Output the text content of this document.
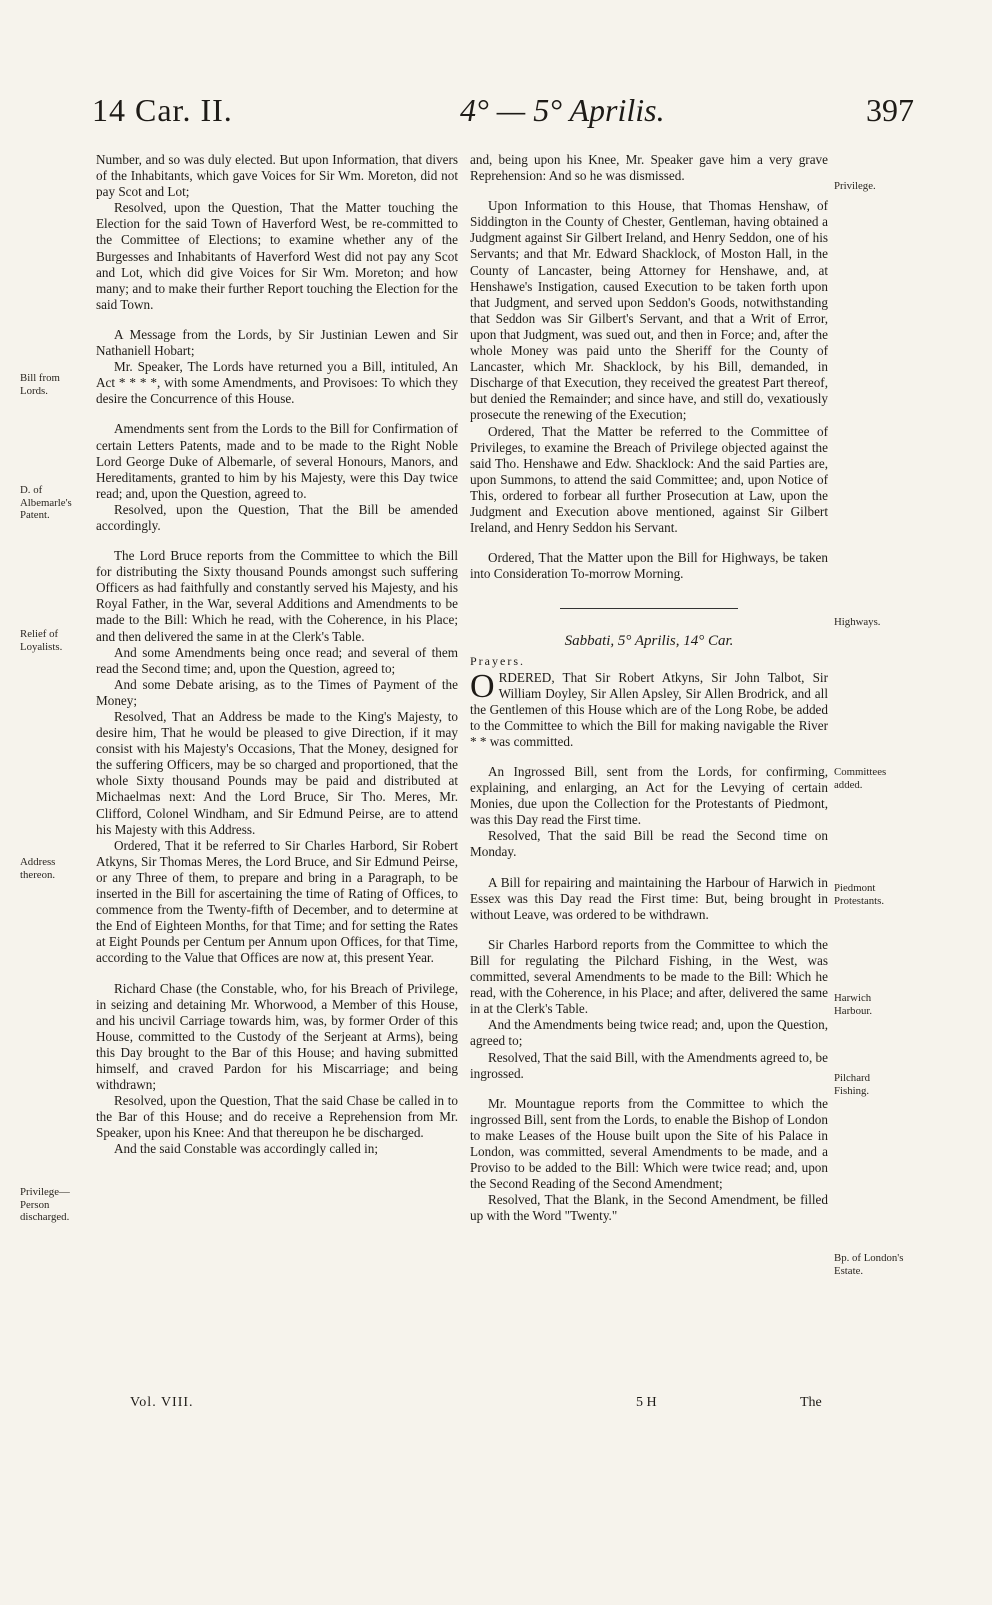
14 Car. II.	4° — 5° Aprilis.	397

Number, and so was duly elected. But upon Information, that divers of the Inhabitants, which gave Voices for Sir Wm. Moreton, did not pay Scot and Lot;

Resolved, upon the Question, That the Matter touching the Election for the said Town of Haverford West, be re-committed to the Committee of Elections; to examine whether any of the Burgesses and Inhabitants of Haverford West did not pay any Scot and Lot, which did give Voices for Sir Wm. Moreton; and how many; and to make their further Report touching the Election for the said Town.

A Message from the Lords, by Sir Justinian Lewen and Sir Nathaniell Hobart;

Mr. Speaker, The Lords have returned you a Bill, intituled, An Act * * * *, with some Amendments, and Provisoes: To which they desire the Concurrence of this House.

Amendments sent from the Lords to the Bill for Confirmation of certain Letters Patents, made and to be made to the Right Noble Lord George Duke of Albemarle, of several Honours, Manors, and Hereditaments, granted to him by his Majesty, were this Day twice read; and, upon the Question, agreed to.

Resolved, upon the Question, That the Bill be amended accordingly.

The Lord Bruce reports from the Committee to which the Bill for distributing the Sixty thousand Pounds amongst such suffering Officers as had faithfully and constantly served his Majesty, and his Royal Father, in the War, several Additions and Amendments to be made to the Bill: Which he read, with the Coherence, in his Place; and then delivered the same in at the Clerk's Table.

And some Amendments being once read; and several of them read the Second time; and, upon the Question, agreed to;

And some Debate arising, as to the Times of Payment of the Money;

Resolved, That an Address be made to the King's Majesty, to desire him, That he would be pleased to give Direction, if it may consist with his Majesty's Occasions, That the Money, designed for the suffering Officers, may be so charged and proportioned, that the whole Sixty thousand Pounds may be paid and distributed at Michaelmas next: And the Lord Bruce, Sir Tho. Meres, Mr. Clifford, Colonel Windham, and Sir Edmund Peirse, are to attend his Majesty with this Address.

Ordered, That it be referred to Sir Charles Harbord, Sir Robert Atkyns, Sir Thomas Meres, the Lord Bruce, and Sir Edmund Peirse, or any Three of them, to prepare and bring in a Paragraph, to be inserted in the Bill for ascertaining the time of Rating of Offices, to commence from the Twenty-fifth of December, and to determine at the End of Eighteen Months, for that Time; and for setting the Rates at Eight Pounds per Centum per Annum upon Offices, for that Time, according to the Value that Offices are now at, this present Year.

Richard Chase (the Constable, who, for his Breach of Privilege, in seizing and detaining Mr. Whorwood, a Member of this House, and his uncivil Carriage towards him, was, by former Order of this House, committed to the Custody of the Serjeant at Arms), being this Day brought to the Bar of this House; and having submitted himself, and craved Pardon for his Miscarriage; and being withdrawn;

Resolved, upon the Question, That the said Chase be called in to the Bar of this House; and do receive a Reprehension from Mr. Speaker, upon his Knee: And that thereupon he be discharged.

And the said Constable was accordingly called in;

and, being upon his Knee, Mr. Speaker gave him a very grave Reprehension: And so he was dismissed.

Upon Information to this House, that Thomas Henshaw, of Siddington in the County of Chester, Gentleman, having obtained a Judgment against Sir Gilbert Ireland, and Henry Seddon, one of his Servants; and that Mr. Edward Shacklock, of Moston Hall, in the County of Lancaster, being Attorney for Henshawe, and, at Henshawe's Instigation, caused Execution to be taken forth upon that Judgment, and served upon Seddon's Goods, notwithstanding that Seddon was Sir Gilbert's Servant, and that a Writ of Error, upon that Judgment, was sued out, and then in Force; and, after the whole Money was paid unto the Sheriff for the County of Lancaster, which Mr. Shacklock, by his Bill, demanded, in Discharge of that Execution, they received the greatest Part thereof, but denied the Remainder; and since have, and still do, vexatiously prosecute the renewing of the Execution;

Ordered, That the Matter be referred to the Committee of Privileges, to examine the Breach of Privilege objected against the said Tho. Henshawe and Edw. Shacklock: And the said Parties are, upon Summons, to attend the said Committee; and, upon Notice of This, ordered to forbear all further Prosecution at Law, upon the Judgment and Execution above mentioned, against Sir Gilbert Ireland, and Henry Seddon his Servant.

Ordered, That the Matter upon the Bill for Highways, be taken into Consideration To-morrow Morning.

Sabbati, 5° Aprilis, 14° Car.

Prayers.

ORDERED, That Sir Robert Atkyns, Sir John Talbot, Sir William Doyley, Sir Allen Apsley, Sir Allen Brodrick, and all the Gentlemen of this House which are of the Long Robe, be added to the Committee to which the Bill for making navigable the River * * was committed.

An Ingrossed Bill, sent from the Lords, for confirming, explaining, and enlarging, an Act for the Levying of certain Monies, due upon the Collection for the Protestants of Piedmont, was this Day read the First time.

Resolved, That the said Bill be read the Second time on Monday.

A Bill for repairing and maintaining the Harbour of Harwich in Essex was this Day read the First time: But, being brought in without Leave, was ordered to be withdrawn.

Sir Charles Harbord reports from the Committee to which the Bill for regulating the Pilchard Fishing, in the West, was committed, several Amendments to be made to the Bill: Which he read, with the Coherence, in his Place; and after, delivered the same in at the Clerk's Table.

And the Amendments being twice read; and, upon the Question, agreed to;

Resolved, That the said Bill, with the Amendments agreed to, be ingrossed.

Mr. Mountague reports from the Committee to which the ingrossed Bill, sent from the Lords, to enable the Bishop of London to make Leases of the House built upon the Site of his Palace in London, was committed, several Amendments to be made, and a Proviso to be added to the Bill: Which were twice read; and, upon the Second Reading of the Second Amendment;

Resolved, That the Blank, in the Second Amendment, be filled up with the Word "Twenty."

Bill from Lords.
D. of Albemarle's Patent.
Relief of Loyalists.
Address thereon.
Privilege— Person discharged.
Privilege.
Highways.
Committees added.
Piedmont Protestants.
Harwich Harbour.
Pilchard Fishing.
Bp. of London's Estate.
Vol. VIII.	5 H	The
